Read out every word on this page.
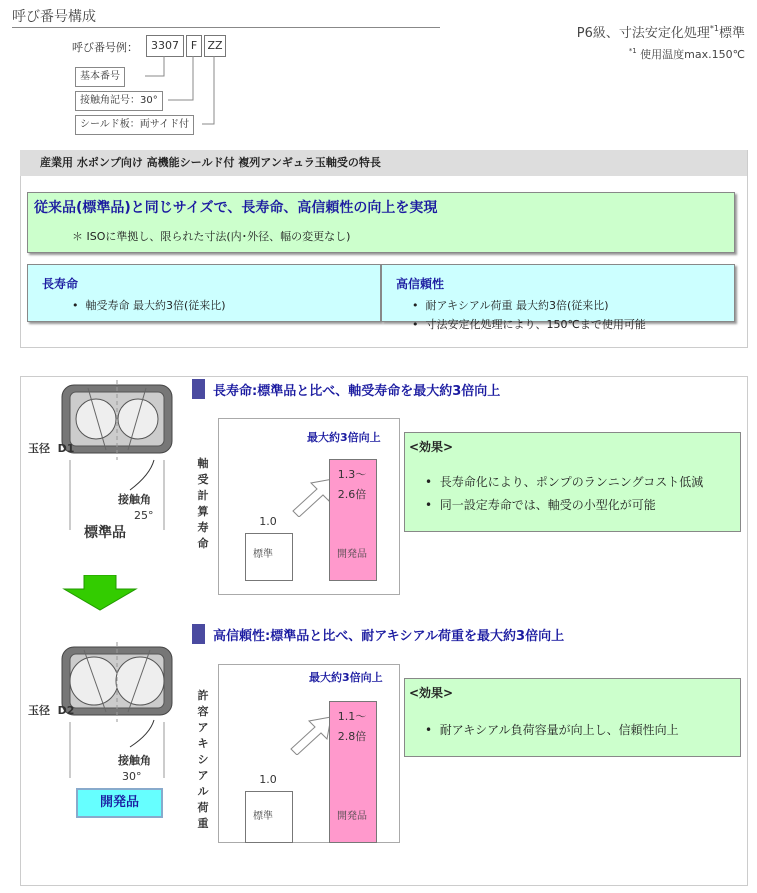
呼び番号構成
P6級、寸法安定化処理$^{*1}$標準
$^{*1}$ 使用温度max.150℃
呼び番号例：	3307	F ZZ
基本番号
接触角記号：30°
シールド板：両サイド付
産業用 水ポンプ向け 高機能シールド付 複列アンギュラ玉軸受の特長
従来品(標準品)と同じサイズで、長寿命、高信頼性の向上を実現
＊ ISOに準拠し、限られた寸法(内･外径、幅の変更なし)
長寿命
•  軸受寿命 最大約3倍(従来比)
高信頼性
•  耐アキシアル荷重 最大約3倍(従来比)
•  寸法安定化処理により、150℃まで使用可能
玉径 D1
接触角
25°
標準品
玉径 D2
接触角
30°
開発品
長寿命:標準品と比べ、軸受寿命を最大約3倍向上
軸受計算寿命
最大約3倍向上
1.0
1.3～
2.6倍
標準	開発品
<効果>
•  長寿命化により、ポンプのランニングコスト低減
•  同一設定寿命では、軸受の小型化が可能
高信頼性:標準品と比べ、耐アキシアル荷重を最大約3倍向上
許容アキシアル荷重
最大約3倍向上
1.0
1.1～
2.8倍
標準	開発品
<効果>
•  耐アキシアル負荷容量が向上し、信頼性向上
